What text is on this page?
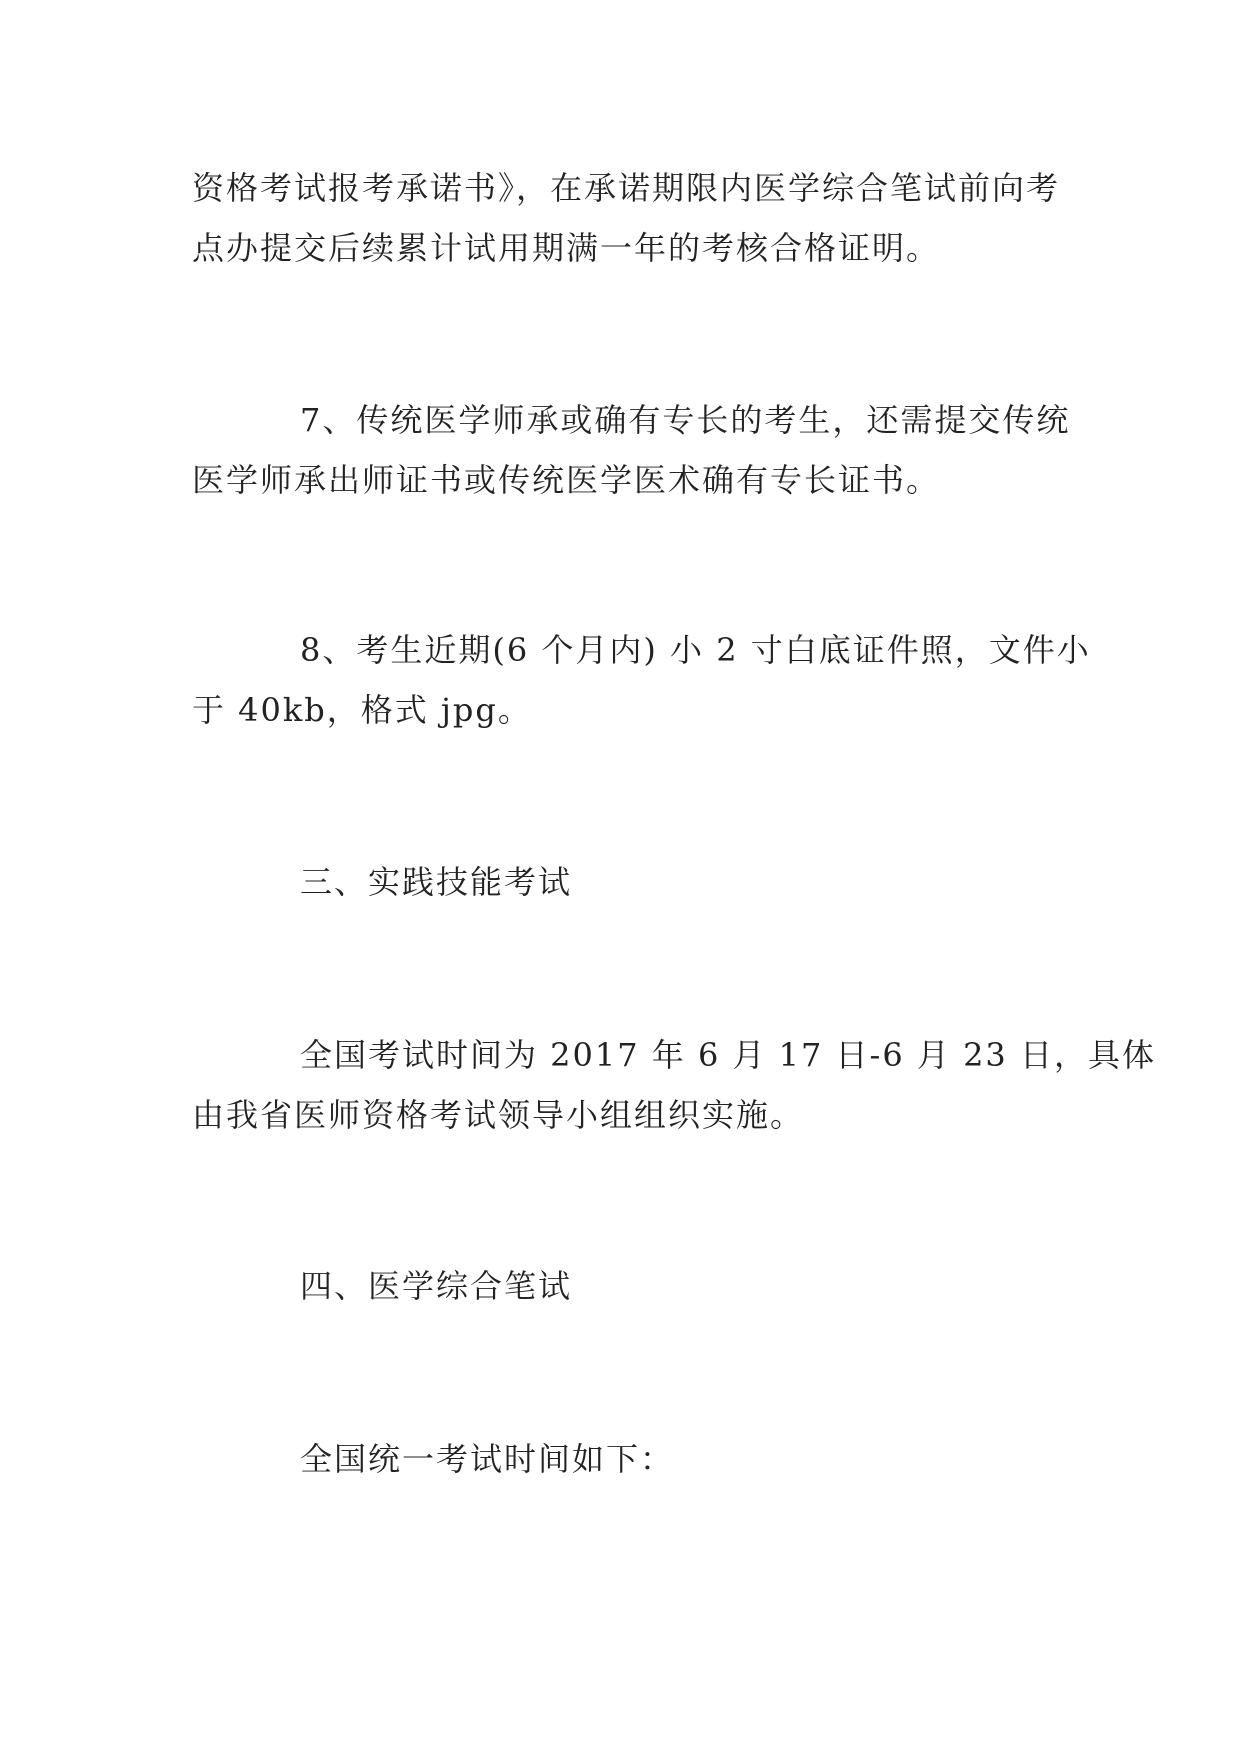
资格考试报考承诺书》，在承诺期限内医学综合笔试前向考
点办提交后续累计试用期满一年的考核合格证明。
7、传统医学师承或确有专长的考生，还需提交传统
医学师承出师证书或传统医学医术确有专长证书。
8、考生近期(6 个月内) 小 2 寸白底证件照，文件小
于 40kb，格式 jpg。
三、实践技能考试
全国考试时间为 2017 年 6 月 17 日-6 月 23 日，具体
由我省医师资格考试领导小组组织实施。
四、医学综合笔试
全国统一考试时间如下：
